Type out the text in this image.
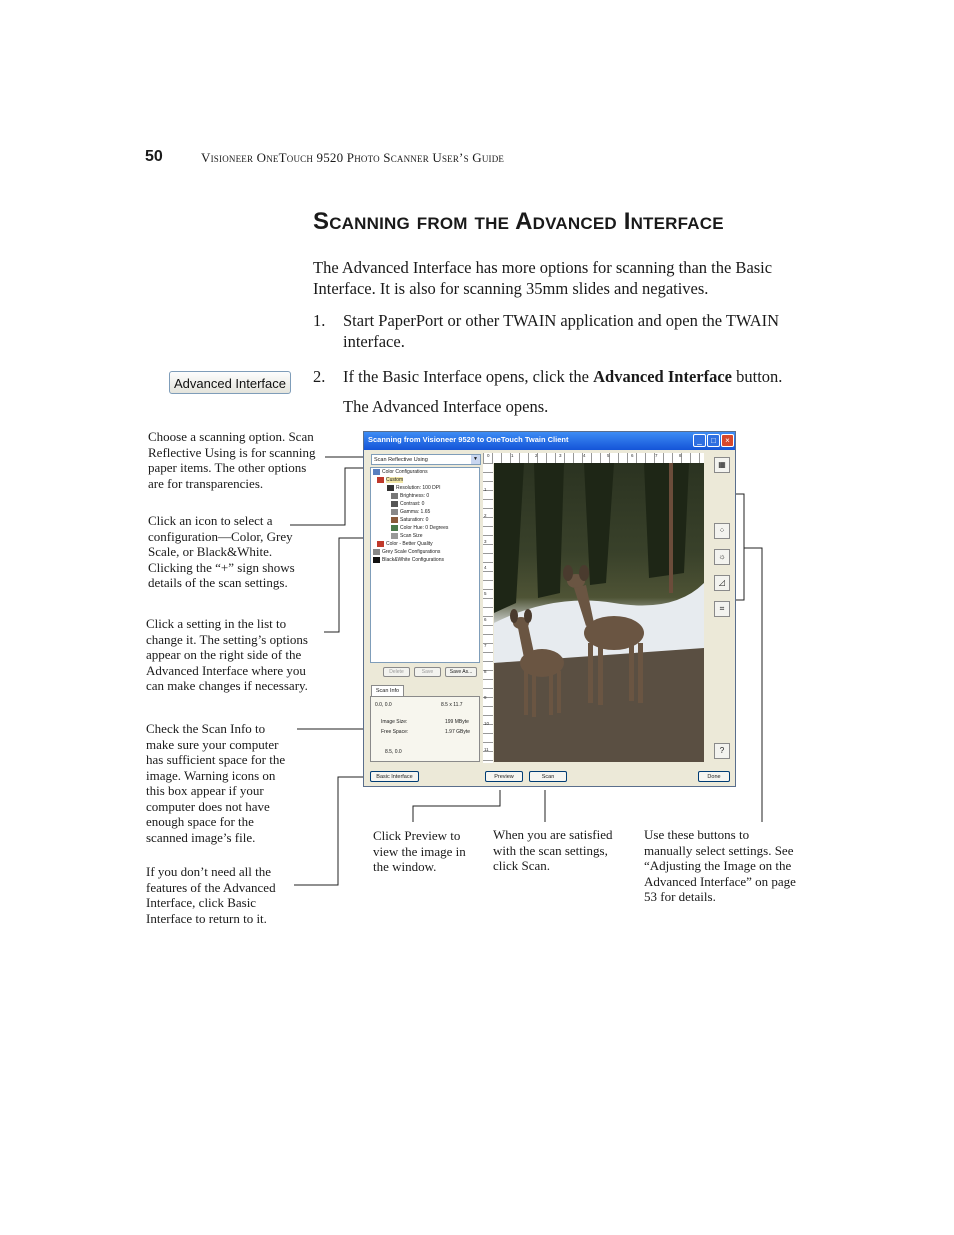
50	Visioneer OneTouch 9520 Photo Scanner User’s Guide
Scanning from the Advanced Interface
The Advanced Interface has more options for scanning than the Basic Interface. It is also for scanning 35mm slides and negatives.
1. Start PaperPort or other TWAIN application and open the TWAIN interface.
2. If the Basic Interface opens, click the Advanced Interface button.
The Advanced Interface opens.
Advanced Interface
Choose a scanning option. Scan Reflective Using is for scanning paper items. The other options are for transparencies.
Click an icon to select a configuration—Color, Grey Scale, or Black&White. Clicking the “+” sign shows details of the scan settings.
Click a setting in the list to change it. The setting’s options appear on the right side of the Advanced Interface where you can make changes if necessary.
Check the Scan Info to make sure your computer has sufficient space for the image. Warning icons on this box appear if your computer does not have enough space for the scanned image’s file.
If you don’t need all the features of the Advanced Interface, click Basic Interface to return to it.
Click Preview to view the image in the window.
When you are satisfied with the scan settings, click Scan.
Use these buttons to manually select settings. See “Adjusting the Image on the Advanced Interface” on page 53 for details.
Scanning from Visioneer 9520 to OneTouch Twain Client	_	□	×
Scan Reflective Using	▼
Color Configurations
Custom
Resolution: 100 DPI
Brightness: 0
Contrast: 0
Gamma: 1.65
Saturation: 0
Color Hue: 0 Degrees
Scan Size
Color - Better Quality
Grey Scale Configurations
Black&White Configurations
Delete	Save	Save As...
Scan Info
0.0, 0.0	8.5 x 11.7
Image Size:	199 MByte
Free Space:	1.97 GByte
8.5, 0.0
0	1	2	3	4	5	6	7	8
1
2
3
4
5
6
7
8
9
10
11
▦
⁘
☼
◿
⌗
?
Basic Interface	Preview	Scan	Done
